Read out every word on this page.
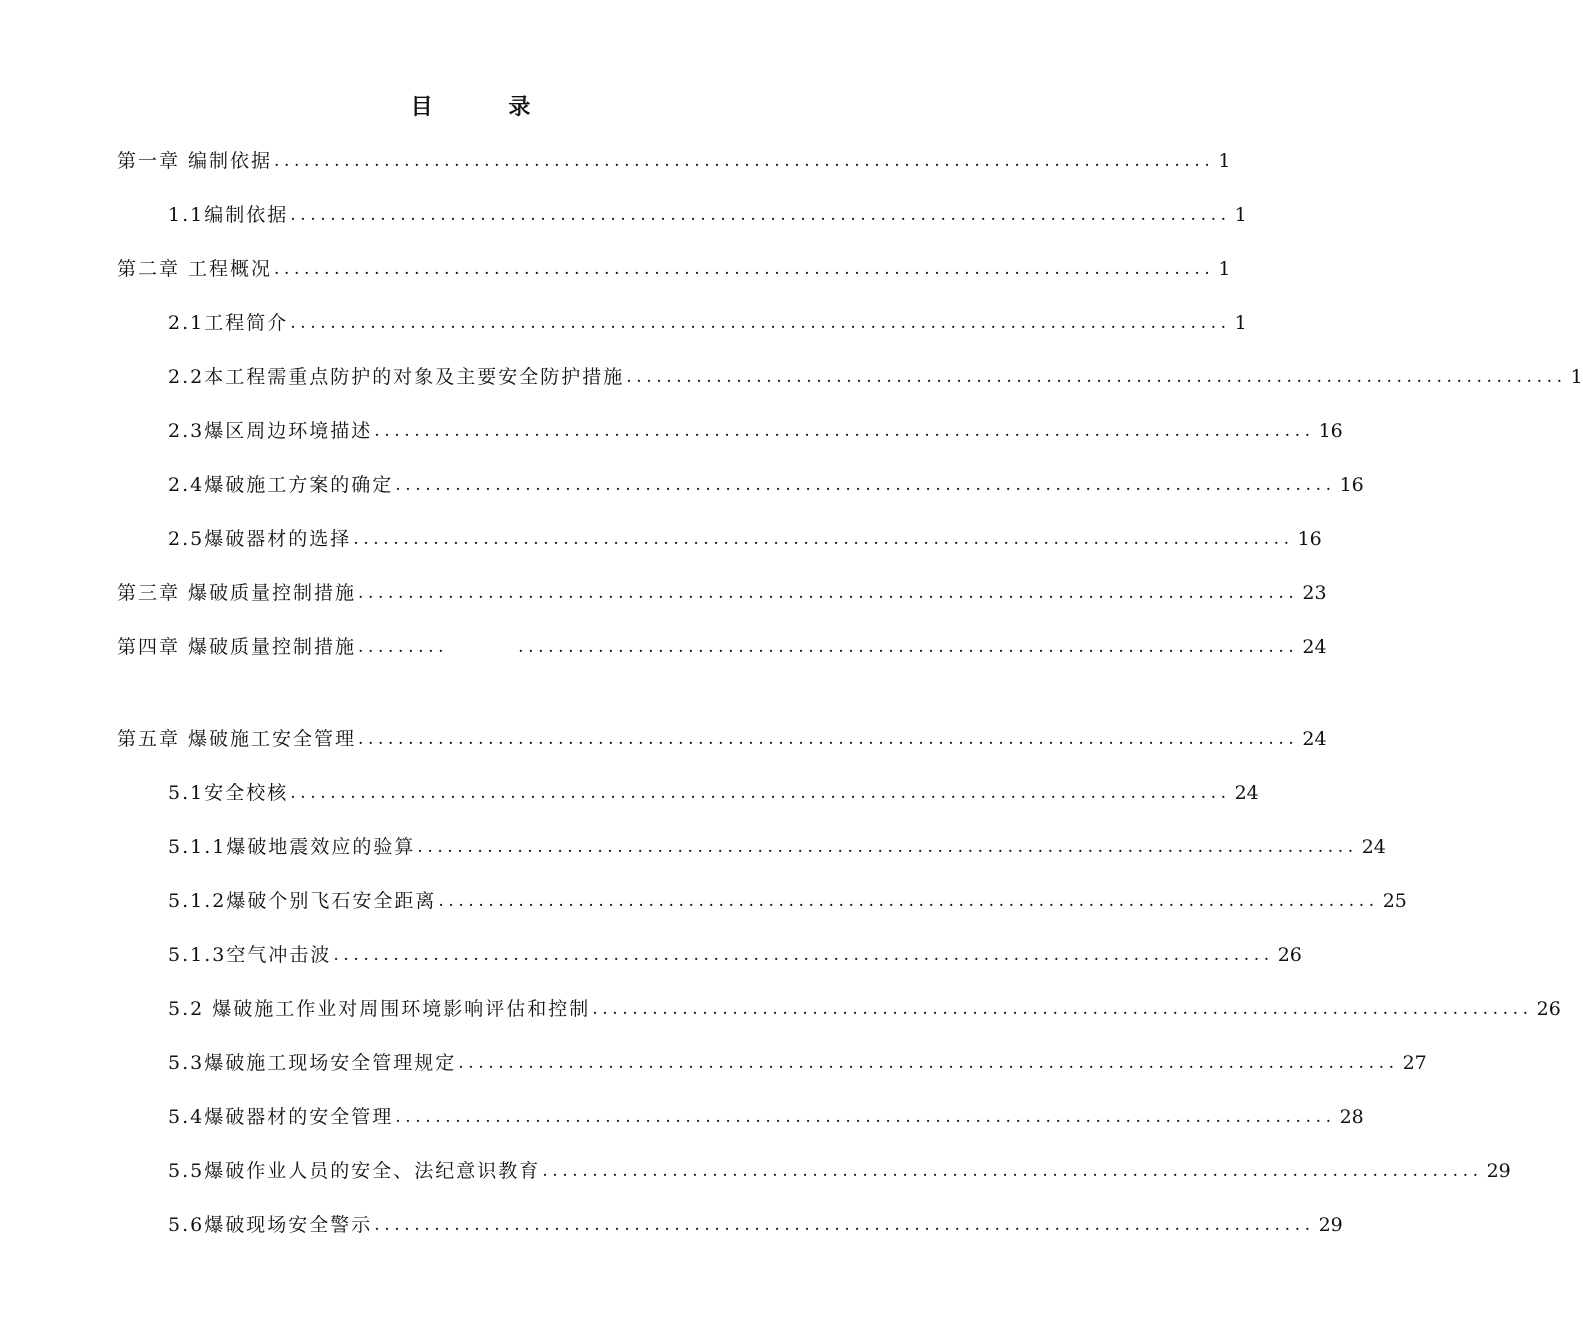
目 录
第一章 编制依据 .............................................................................................. 1
1.1编制依据 .............................................................................................. 1
第二章 工程概况 .............................................................................................. 1
2.1工程简介 .............................................................................................. 1
2.2本工程需重点防护的对象及主要安全防护措施 .............................................................................................. 1
2.3爆区周边环境描述 .............................................................................................. 16
2.4爆破施工方案的确定 .............................................................................................. 16
2.5爆破器材的选择 .............................................................................................. 16
第三章 爆破质量控制措施 .............................................................................................. 23
第四章 爆破质量控制措施 .........       .............................................................................. 24
第五章 爆破施工安全管理 .............................................................................................. 24
5.1安全校核 .............................................................................................. 24
5.1.1爆破地震效应的验算 .............................................................................................. 24
5.1.2爆破个别飞石安全距离 .............................................................................................. 25
5.1.3空气冲击波 .............................................................................................. 26
5.2 爆破施工作业对周围环境影响评估和控制 .............................................................................................. 26
5.3爆破施工现场安全管理规定 .............................................................................................. 27
5.4爆破器材的安全管理 .............................................................................................. 28
5.5爆破作业人员的安全、法纪意识教育 .............................................................................................. 29
5.6爆破现场安全警示 .............................................................................................. 29
